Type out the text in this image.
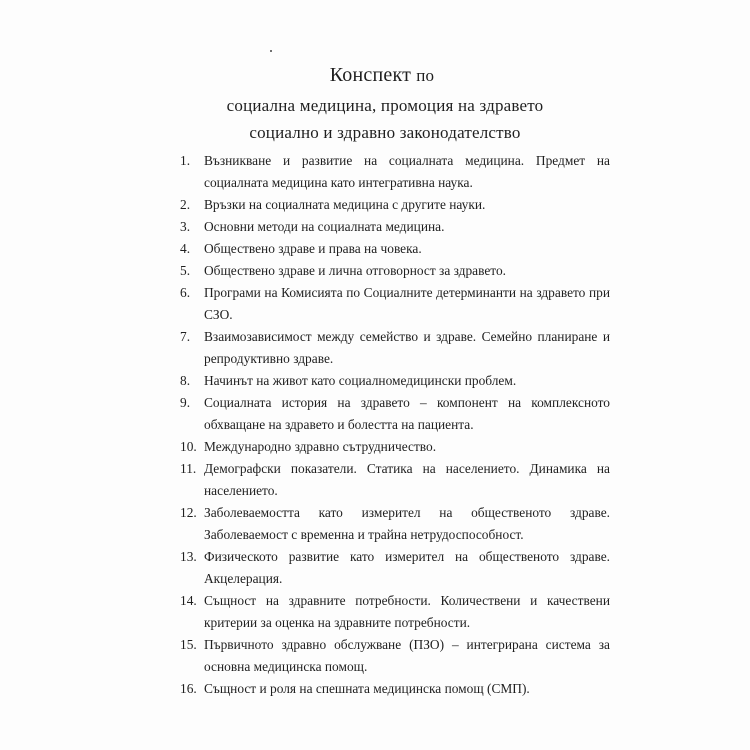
Конспект по
социална медицина, промоция на здравето
социално и здравно законодателство
1.	Възникване и развитие на социалната медицина. Предмет на социалната медицина като интегративна наука.
2.	Връзки на социалната медицина с другите науки.
3.	Основни методи на социалната медицина.
4.	Обществено здраве и права на човека.
5.	Обществено здраве и лична отговорност за здравето.
6.	Програми на Комисията по Социалните детерминанти на здравето при СЗО.
7.	Взаимозависимост между семейство и здраве. Семейно планиране и репродуктивно здраве.
8.	Начинът на живот като социалномедицински проблем.
9.	Социалната история на здравето – компонент на комплексното обхващане на здравето и болестта на пациента.
10. Международно здравно сътрудничество.
11. Демографски показатели. Статика на населението. Динамика на населението.
12. Заболеваемостта като измерител на общественото здраве. Заболеваемост с временна и трайна нетрудоспособност.
13. Физическото развитие като измерител на общественото здраве. Акцелерация.
14. Същност на здравните потребности. Количествени и качествени критерии за оценка на здравните потребности.
15. Първичното здравно обслужване (ПЗО) – интегрирана система за основна медицинска помощ.
16. Същност и роля на спешната медицинска помощ (СМП).
